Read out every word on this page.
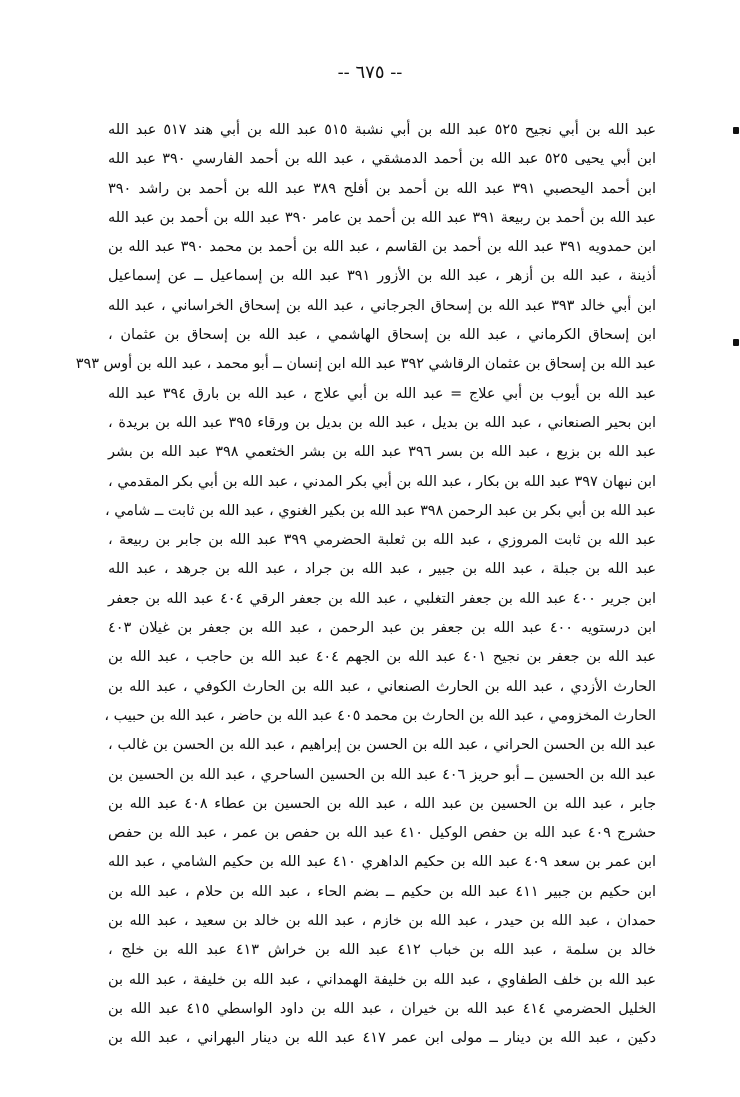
-- ٦٧٥ --
عبد الله بن أبي نجيح ٥٢٥ عبد الله بن أبي نشبة ٥١٥ عبد الله بن أبي هند ٥١٧ عبد الله
ابن أبي يحيى ٥٢٥ عبد الله بن أحمد الدمشقي ، عبد الله بن أحمد الفارسي ٣٩٠ عبد الله
ابن أحمد اليحصبي ٣٩١ عبد الله بن أحمد بن أفلح ٣٨٩ عبد الله بن أحمد بن راشد ٣٩٠
عبد الله بن أحمد بن ربيعة ٣٩١ عبد الله بن أحمد بن عامر ٣٩٠ عبد الله بن أحمد بن عبد الله
ابن حمدويه ٣٩١ عبد الله بن أحمد بن القاسم ، عبد الله بن أحمد بن محمد ٣٩٠ عبد الله بن
أذينة ، عبد الله بن أزهر ، عبد الله بن الأزور ٣٩١ عبد الله بن إسماعيل ــ عن إسماعيل
ابن أبي خالد ٣٩٣ عبد الله بن إسحاق الجرجاني ، عبد الله بن إسحاق الخراساني ، عبد الله
ابن إسحاق الكرماني ، عبد الله بن إسحاق الهاشمي ، عبد الله بن إسحاق بن عثمان ،
عبد الله بن إسحاق بن عثمان الرقاشي ٣٩٢ عبد الله ابن إنسان ــ أبو محمد ، عبد الله بن أوس ٣٩٣
عبد الله بن أيوب بن أبي علاج = عبد الله بن أبي علاج ، عبد الله بن بارق ٣٩٤ عبد الله
ابن بحير الصنعاني ، عبد الله بن بديل ، عبد الله بن بديل بن ورقاء ٣٩٥ عبد الله بن بريدة ،
عبد الله بن بزيع ، عبد الله بن بسر ٣٩٦ عبد الله بن بشر الخثعمي ٣٩٨ عبد الله بن بشر
ابن نبهان ٣٩٧ عبد الله بن بكار ، عبد الله بن أبي بكر المدني ، عبد الله بن أبي بكر المقدمي ،
عبد الله بن أبي بكر بن عبد الرحمن ٣٩٨ عبد الله بن بكير الغنوي ، عبد الله بن ثابت ــ شامي ،
عبد الله بن ثابت المروزي ، عبد الله بن ثعلبة الحضرمي ٣٩٩ عبد الله بن جابر بن ربيعة ،
عبد الله بن جبلة ، عبد الله بن جبير ، عبد الله بن جراد ، عبد الله بن جرهد ، عبد الله
ابن جرير ٤٠٠ عبد الله بن جعفر التغلبي ، عبد الله بن جعفر الرقي ٤٠٤ عبد الله بن جعفر
ابن درستويه ٤٠٠ عبد الله بن جعفر بن عبد الرحمن ، عبد الله بن جعفر بن غيلان ٤٠٣
عبد الله بن جعفر بن نجيح ٤٠١ عبد الله بن الجهم ٤٠٤ عبد الله بن حاجب ، عبد الله بن
الحارث الأزدي ، عبد الله بن الحارث الصنعاني ، عبد الله بن الحارث الكوفي ، عبد الله بن
الحارث المخزومي ، عبد الله بن الحارث بن محمد ٤٠٥ عبد الله بن حاضر ، عبد الله بن حبيب ،
عبد الله بن الحسن الحراني ، عبد الله بن الحسن بن إبراهيم ، عبد الله بن الحسن بن غالب ،
عبد الله بن الحسين ــ أبو حريز ٤٠٦ عبد الله بن الحسين الساحري ، عبد الله بن الحسين بن
جابر ، عبد الله بن الحسين بن عبد الله ، عبد الله بن الحسين بن عطاء ٤٠٨ عبد الله بن
حشرج ٤٠٩ عبد الله بن حفص الوكيل ٤١٠ عبد الله بن حفص بن عمر ، عبد الله بن حفص
ابن عمر بن سعد ٤٠٩ عبد الله بن حكيم الداهري ٤١٠ عبد الله بن حكيم الشامي ، عبد الله
ابن حكيم بن جبير ٤١١ عبد الله بن حكيم ــ بضم الحاء ، عبد الله بن حلام ، عبد الله بن
حمدان ، عبد الله بن حيدر ، عبد الله بن خازم ، عبد الله بن خالد بن سعيد ، عبد الله بن
خالد بن سلمة ، عبد الله بن خباب ٤١٢ عبد الله بن خراش ٤١٣ عبد الله بن خلج ،
عبد الله بن خلف الطفاوي ، عبد الله بن خليفة الهمداني ، عبد الله بن خليفة ، عبد الله بن
الخليل الحضرمي ٤١٤ عبد الله بن خيران ، عبد الله بن داود الواسطي ٤١٥ عبد الله بن
دكين ، عبد الله بن دينار ــ مولى ابن عمر ٤١٧ عبد الله بن دينار البهراني ، عبد الله بن
